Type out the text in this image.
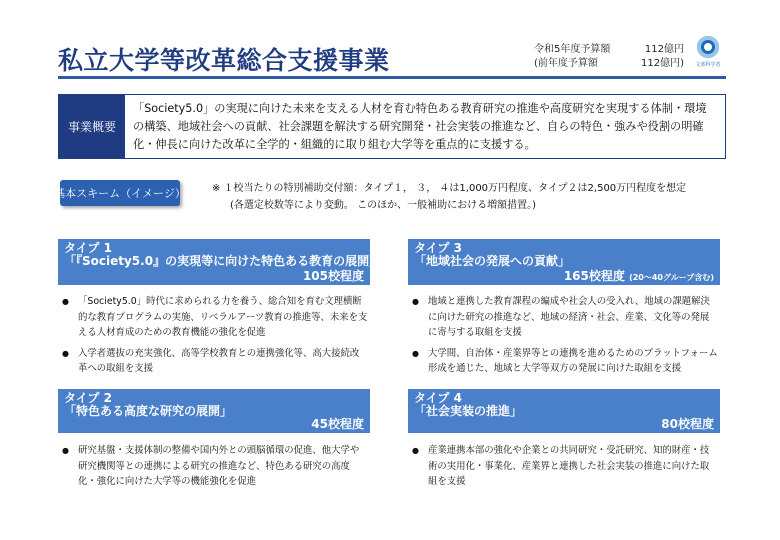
私立大学等改革総合支援事業	令和5年度予算額	112億円
(前年度予算額	112億円)	文部科学省
事業概要
「Society5.0」の実現に向けた未来を支える人材を育む特色ある教育研究の推進や高度研究を実現する体制・環境の構築、地域社会への貢献、社会課題を解決する研究開発・社会実装の推進など、自らの特色・強みや役割の明確化・伸長に向けた改革に全学的・組織的に取り組む大学等を重点的に支援する。
基本スキーム（イメージ）	※ １校当たりの特別補助交付額：タイプ１， ３， ４は1,000万円程度、タイプ２は2,500万円程度を想定
(各選定校数等により変動。 このほか、一般補助における増額措置。)
タイプ 1
「『Society5.0』の実現等に向けた特色ある教育の展開」
105校程度
● 「Society5.0」時代に求められる力を養う、総合知を育む文理横断的な教育プログラムの実施、リベラルアーツ教育の推進等、未来を支える人材育成のための教育機能の強化を促進
● 入学者選抜の充実強化、高等学校教育との連携強化等、高大接続改革への取組を支援
タイプ 2
「特色ある高度な研究の展開」
45校程度
● 研究基盤・支援体制の整備や国内外との頭脳循環の促進、他大学や研究機関等との連携による研究の推進など、特色ある研究の高度化・強化に向けた大学等の機能強化を促進
タイプ 3
「地域社会の発展への貢献」
165校程度 (20～40グループ含む)
● 地域と連携した教育課程の編成や社会人の受入れ、地域の課題解決に向けた研究の推進など、地域の経済・社会、産業、文化等の発展に寄与する取組を支援
● 大学間、自治体・産業界等との連携を進めるためのプラットフォーム形成を通じた、地域と大学等双方の発展に向けた取組を支援
タイプ 4
「社会実装の推進」
80校程度
● 産業連携本部の強化や企業との共同研究・受託研究、知的財産・技術の実用化・事業化、産業界と連携した社会実装の推進に向けた取組を支援
